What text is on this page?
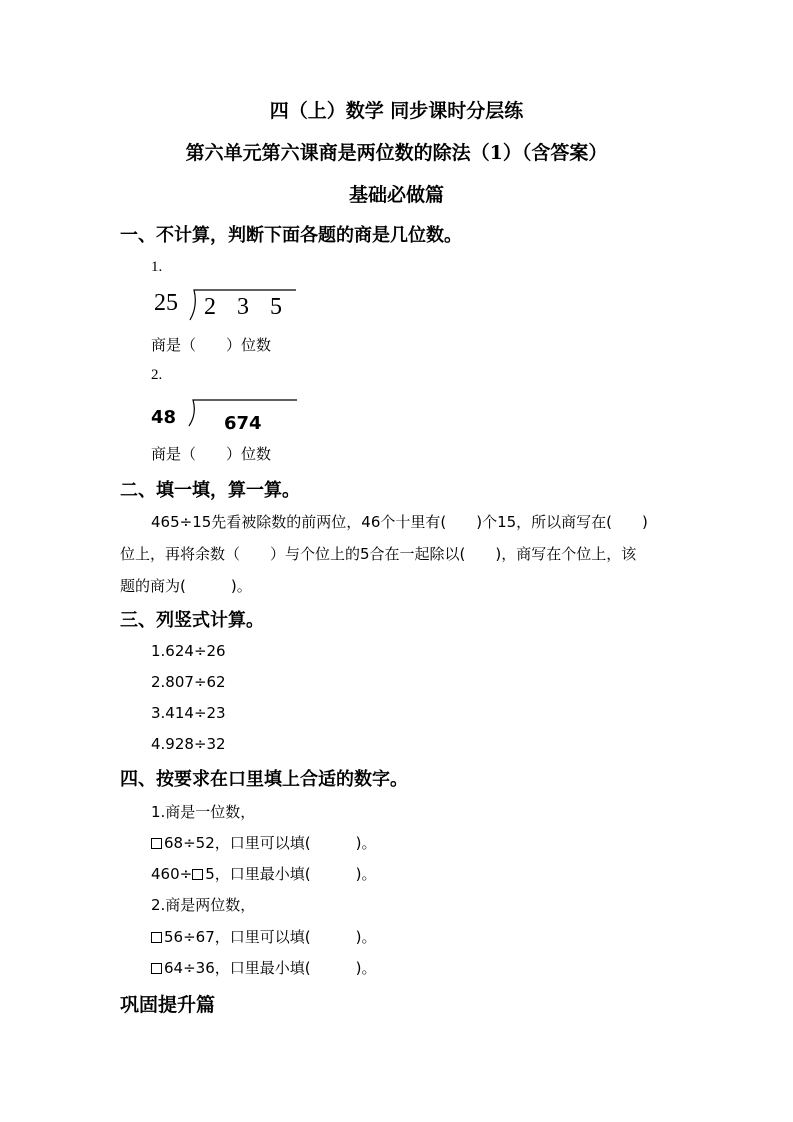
四（上）数学 同步课时分层练
第六单元第六课商是两位数的除法（1）（含答案）
基础必做篇
一、不计算，判断下面各题的商是几位数。
1.
25 2 3 5
商是（　　）位数
2.
48	674
商是（　　）位数
二、填一填，算一算。
465÷15先看被除数的前两位，46个十里有(　　)个15，所以商写在(　　)
位上，再将余数（　　）与个位上的5合在一起除以(　　)，商写在个位上，该
题的商为(　　　)。
三、列竖式计算。
1.624÷26
2.807÷62
3.414÷23
4.928÷32
四、按要求在口里填上合适的数字。
1.商是一位数，
68÷52，口里可以填(　　　)。
460÷ 5，口里最小填(　　　)。
2.商是两位数，
56÷67，口里可以填(　　　)。
64÷36，口里最小填(　　　)。
巩固提升篇
